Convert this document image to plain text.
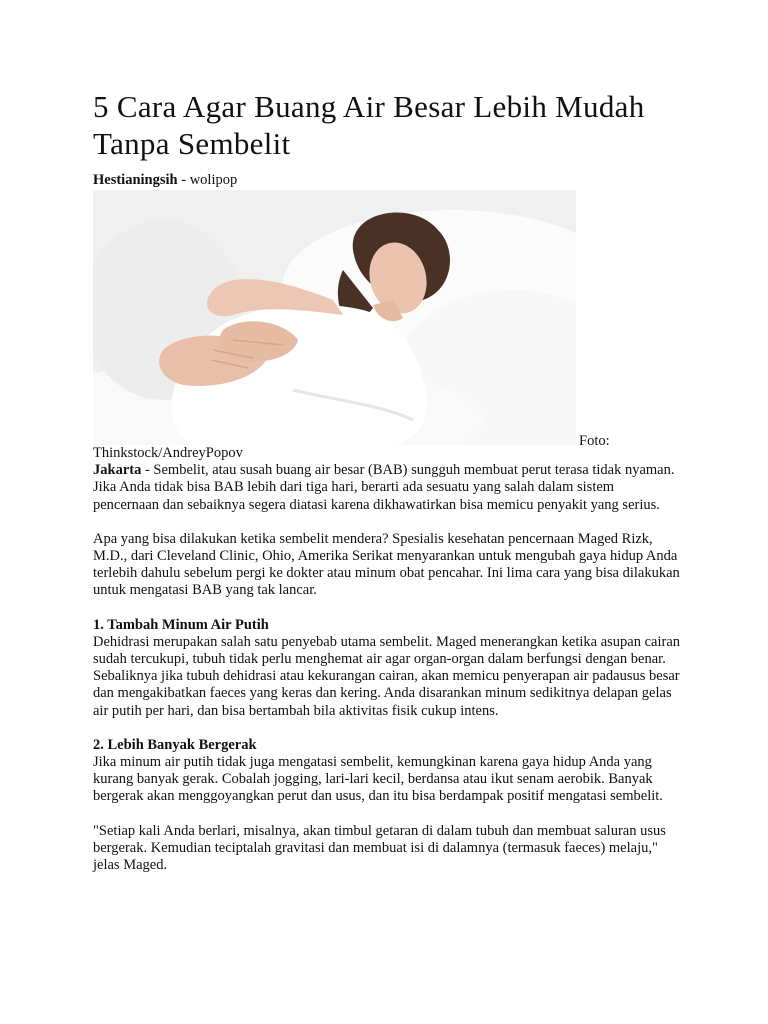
5 Cara Agar Buang Air Besar Lebih Mudah Tanpa Sembelit
Hestianingsih - wolipop
Foto:
Thinkstock/AndreyPopov

Jakarta - Sembelit, atau susah buang air besar (BAB) sungguh membuat perut terasa tidak nyaman. Jika Anda tidak bisa BAB lebih dari tiga hari, berarti ada sesuatu yang salah dalam sistem pencernaan dan sebaiknya segera diatasi karena dikhawatirkan bisa memicu penyakit yang serius.

Apa yang bisa dilakukan ketika sembelit mendera? Spesialis kesehatan pencernaan Maged Rizk, M.D., dari Cleveland Clinic, Ohio, Amerika Serikat menyarankan untuk mengubah gaya hidup Anda terlebih dahulu sebelum pergi ke dokter atau minum obat pencahar. Ini lima cara yang bisa dilakukan untuk mengatasi BAB yang tak lancar.

1. Tambah Minum Air Putih
Dehidrasi merupakan salah satu penyebab utama sembelit. Maged menerangkan ketika asupan cairan sudah tercukupi, tubuh tidak perlu menghemat air agar organ-organ dalam berfungsi dengan benar. Sebaliknya jika tubuh dehidrasi atau kekurangan cairan, akan memicu penyerapan air padausus besar dan mengakibatkan faeces yang keras dan kering. Anda disarankan minum sedikitnya delapan gelas air putih per hari, dan bisa bertambah bila aktivitas fisik cukup intens.

2. Lebih Banyak Bergerak
Jika minum air putih tidak juga mengatasi sembelit, kemungkinan karena gaya hidup Anda yang kurang banyak gerak. Cobalah jogging, lari-lari kecil, berdansa atau ikut senam aerobik. Banyak bergerak akan menggoyangkan perut dan usus, dan itu bisa berdampak positif mengatasi sembelit.

"Setiap kali Anda berlari, misalnya, akan timbul getaran di dalam tubuh dan membuat saluran usus bergerak. Kemudian teciptalah gravitasi dan membuat isi di dalamnya (termasuk faeces) melaju," jelas Maged.
